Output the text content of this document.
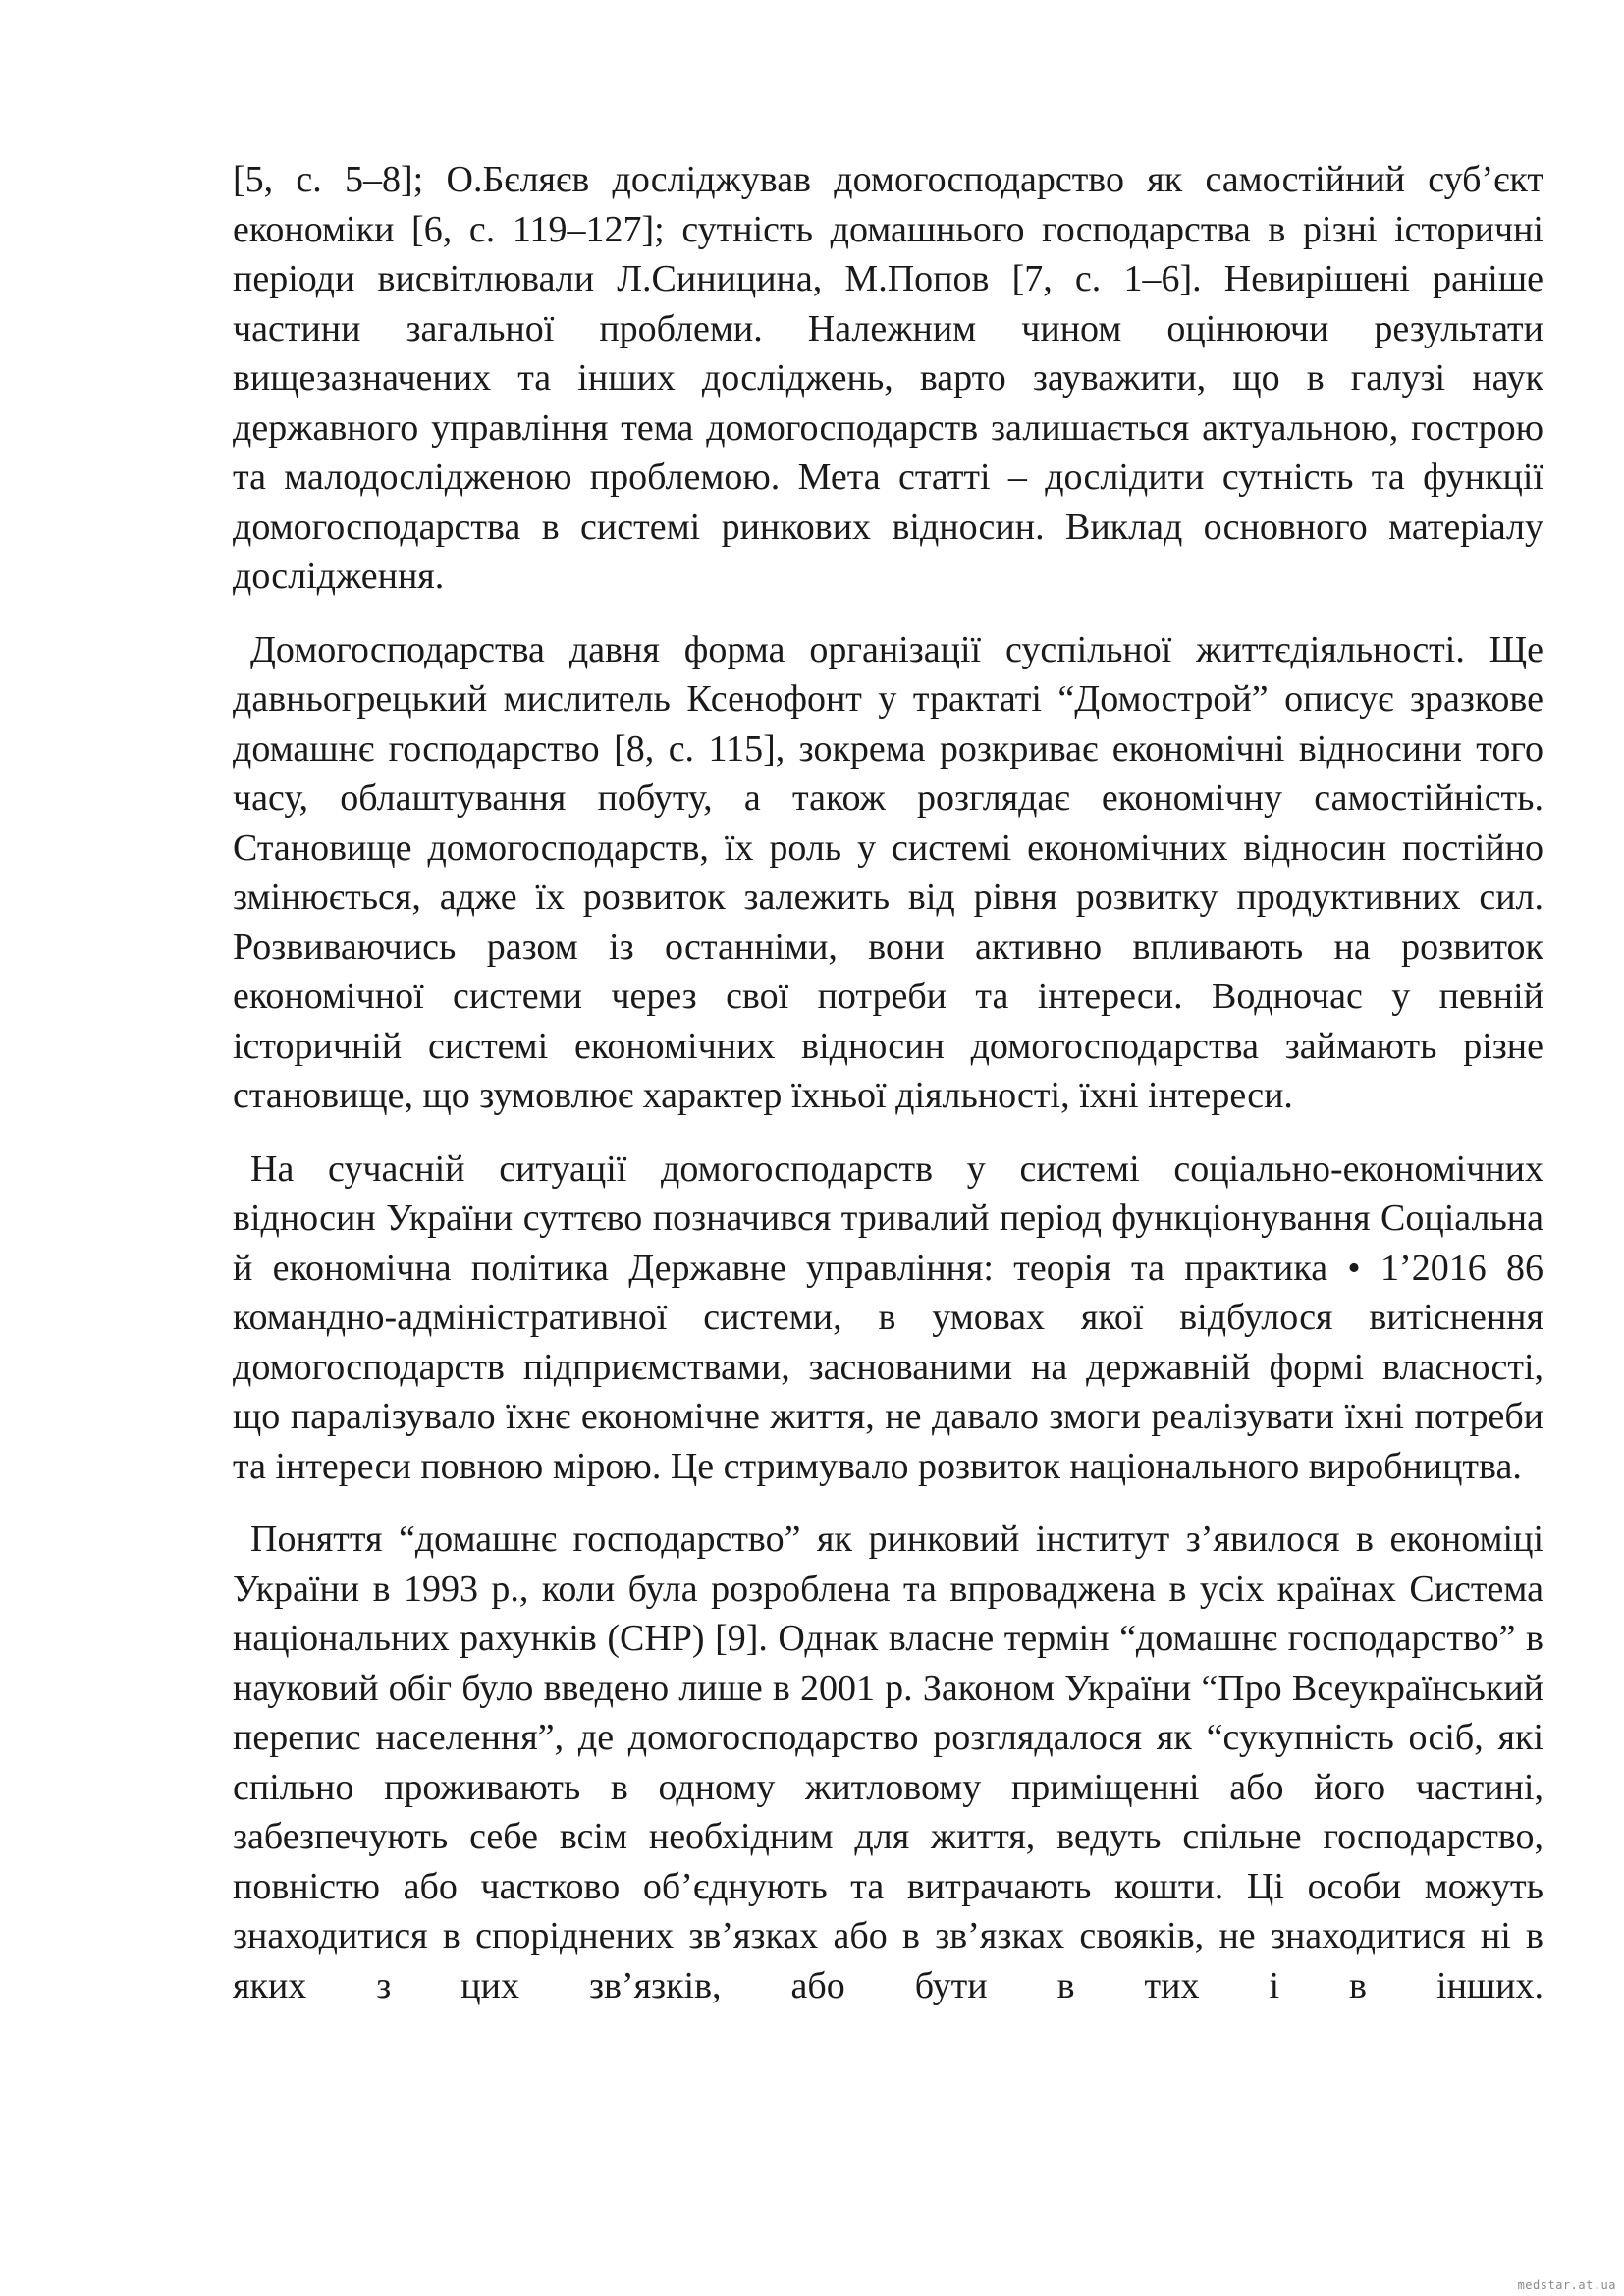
[5, с. 5–8]; О.Бєляєв досліджував домогосподарство як самостійний суб’єкт економіки [6, с. 119–127]; сутність домашнього господарства в різні історичні періоди висвітлювали Л.Синицина, М.Попов [7, с. 1–6]. Невирішені раніше частини загальної проблеми. Належним чином оцінюючи результати вищезазначених та інших досліджень, варто зауважити, що в галузі наук державного управління тема домогосподарств залишається актуальною, гострою та малодослідженою проблемою. Мета статті – дослідити сутність та функції домогосподарства в системі ринкових відносин. Виклад основного матеріалу дослідження.

Домогосподарства давня форма організації суспільної життєдіяльності. Ще давньогрецький мислитель Ксенофонт у трактаті “Домострой” описує зразкове домашнє господарство [8, с. 115], зокрема розкриває економічні відносини того часу, облаштування побуту, а також розглядає економічну самостійність. Становище домогосподарств, їх роль у системі економічних відносин постійно змінюється, адже їх розвиток залежить від рівня розвитку продуктивних сил. Розвиваючись разом із останніми, вони активно впливають на розвиток економічної системи через свої потреби та інтереси. Водночас у певній історичній системі економічних відносин домогосподарства займають різне становище, що зумовлює характер їхньої діяльності, їхні інтереси.

На сучасній ситуації домогосподарств у системі соціально-економічних відносин України суттєво позначився тривалий період функціонування Соціальна й економічна політика Державне управління: теорія та практика • 1’2016 86 командно-адміністративної системи, в умовах якої відбулося витіснення домогосподарств підприємствами, заснованими на державній формі власності, що паралізувало їхнє економічне життя, не давало змоги реалізувати їхні потреби та інтереси повною мірою. Це стримувало розвиток національного виробництва.

Поняття “домашнє господарство” як ринковий інститут з’явилося в економіці України в 1993 р., коли була розроблена та впроваджена в усіх країнах Система національних рахунків (СНР) [9]. Однак власне термін “домашнє господарство” в науковий обіг було введено лише в 2001 р. Законом України “Про Всеукраїнський перепис населення”, де домогосподарство розглядалося як “сукупність осіб, які спільно проживають в одному житловому приміщенні або його частині, забезпечують себе всім необхідним для життя, ведуть спільне господарство, повністю або частково об’єднують та витрачають кошти. Ці особи можуть знаходитися в споріднених зв’язках або в зв’язках свояків, не знаходитися ні в яких з цих зв’язків, або бути в тих і в інших.

medstar.at.ua
